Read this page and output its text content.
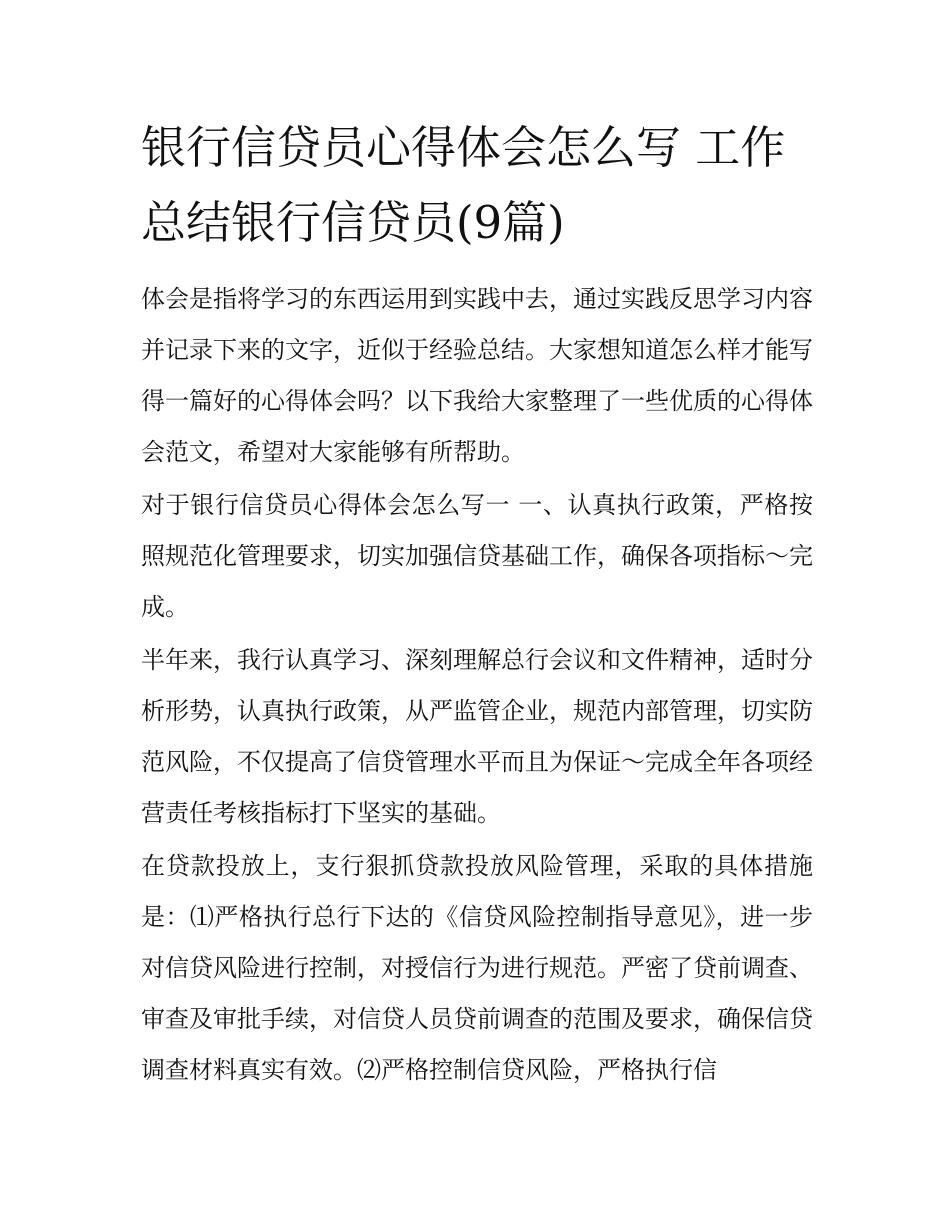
银行信贷员心得体会怎么写 工作总结银行信贷员(9篇)

体会是指将学习的东西运用到实践中去，通过实践反思学习内容并记录下来的文字，近似于经验总结。大家想知道怎么样才能写得一篇好的心得体会吗？以下我给大家整理了一些优质的心得体会范文，希望对大家能够有所帮助。

对于银行信贷员心得体会怎么写一 一、认真执行政策，严格按照规范化管理要求，切实加强信贷基础工作，确保各项指标～完成。

半年来，我行认真学习、深刻理解总行会议和文件精神，适时分析形势，认真执行政策，从严监管企业，规范内部管理，切实防范风险，不仅提高了信贷管理水平而且为保证～完成全年各项经营责任考核指标打下坚实的基础。

在贷款投放上，支行狠抓贷款投放风险管理，采取的具体措施是：⑴严格执行总行下达的《信贷风险控制指导意见》，进一步对信贷风险进行控制，对授信行为进行规范。严密了贷前调查、审查及审批手续，对信贷人员贷前调查的范围及要求，确保信贷调查材料真实有效。⑵严格控制信贷风险，严格执行信
